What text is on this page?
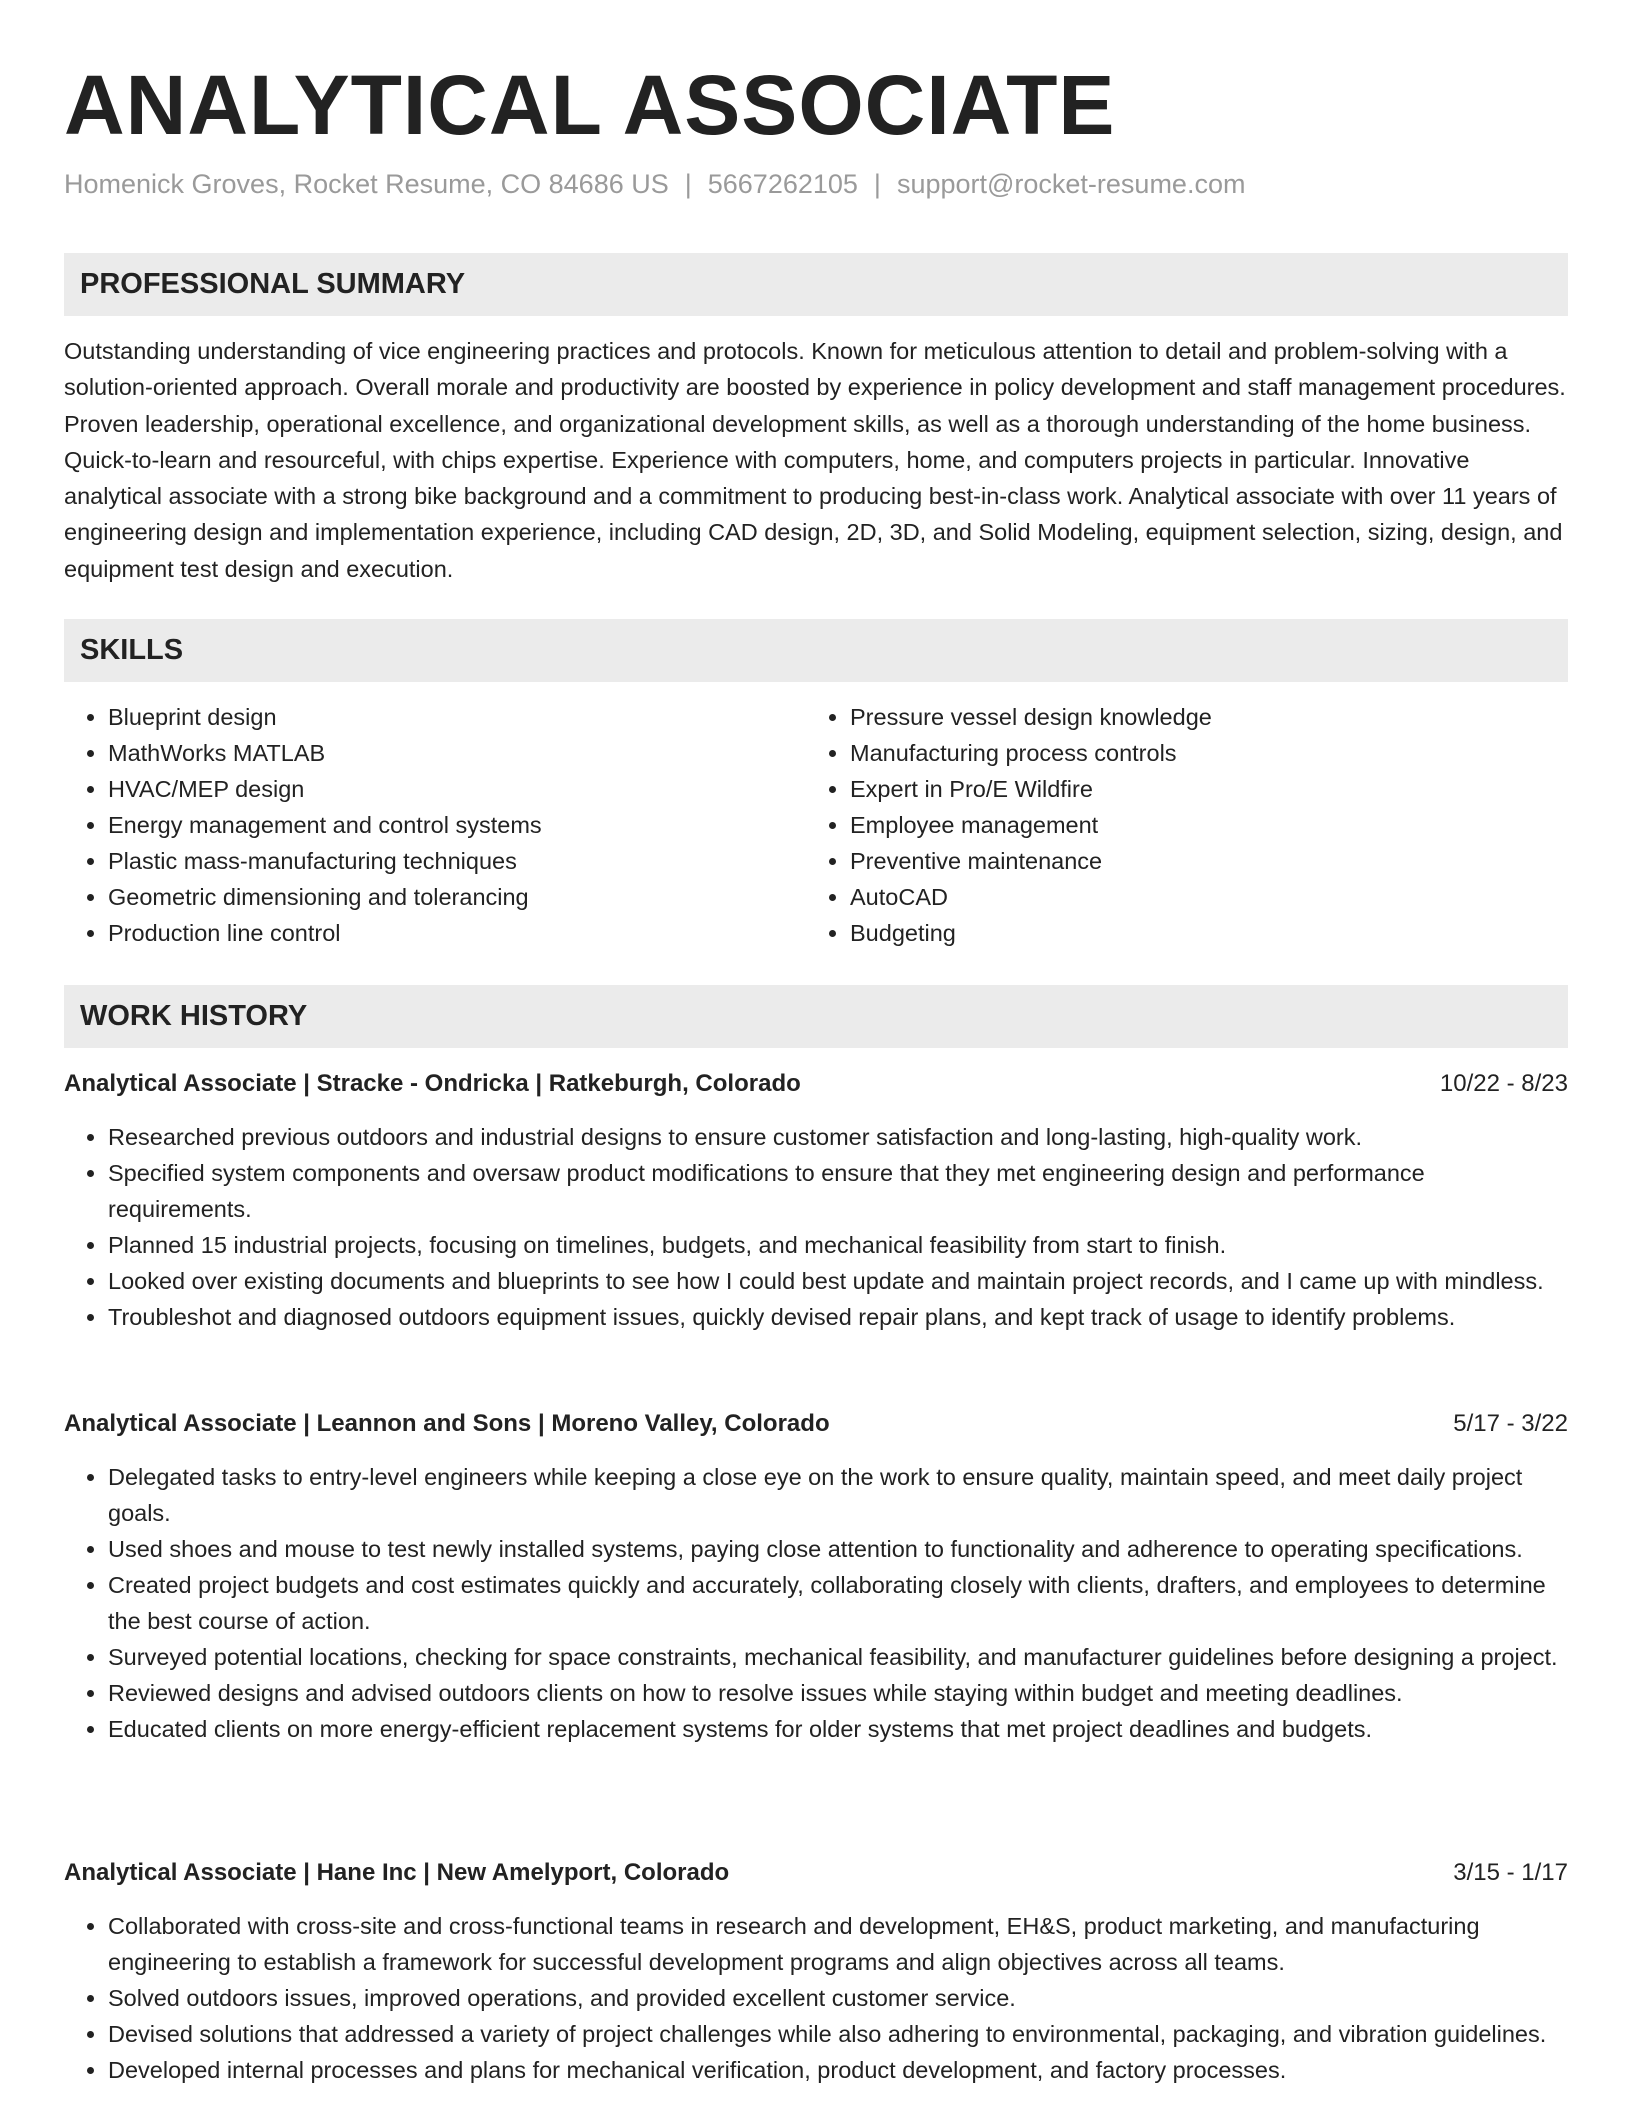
ANALYTICAL ASSOCIATE
Homenick Groves, Rocket Resume, CO 84686 US | 5667262105 | support@rocket-resume.com
PROFESSIONAL SUMMARY

Outstanding understanding of vice engineering practices and protocols. Known for meticulous attention to detail and problem-solving with a solution-oriented approach. Overall morale and productivity are boosted by experience in policy development and staff management procedures. Proven leadership, operational excellence, and organizational development skills, as well as a thorough understanding of the home business. Quick-to-learn and resourceful, with chips expertise. Experience with computers, home, and computers projects in particular. Innovative analytical associate with a strong bike background and a commitment to producing best-in-class work. Analytical associate with over 11 years of engineering design and implementation experience, including CAD design, 2D, 3D, and Solid Modeling, equipment selection, sizing, design, and equipment test design and execution.

SKILLS
• Blueprint design
• MathWorks MATLAB
• HVAC/MEP design
• Energy management and control systems
• Plastic mass-manufacturing techniques
• Geometric dimensioning and tolerancing
• Production line control
• Pressure vessel design knowledge
• Manufacturing process controls
• Expert in Pro/E Wildfire
• Employee management
• Preventive maintenance
• AutoCAD
• Budgeting
WORK HISTORY
Analytical Associate | Stracke - Ondricka | Ratkeburgh, Colorado	10/22 - 8/23
• Researched previous outdoors and industrial designs to ensure customer satisfaction and long-lasting, high-quality work.
• Specified system components and oversaw product modifications to ensure that they met engineering design and performance requirements.
• Planned 15 industrial projects, focusing on timelines, budgets, and mechanical feasibility from start to finish.
• Looked over existing documents and blueprints to see how I could best update and maintain project records, and I came up with mindless.
• Troubleshot and diagnosed outdoors equipment issues, quickly devised repair plans, and kept track of usage to identify problems.
Analytical Associate | Leannon and Sons | Moreno Valley, Colorado	5/17 - 3/22
• Delegated tasks to entry-level engineers while keeping a close eye on the work to ensure quality, maintain speed, and meet daily project goals.
• Used shoes and mouse to test newly installed systems, paying close attention to functionality and adherence to operating specifications.
• Created project budgets and cost estimates quickly and accurately, collaborating closely with clients, drafters, and employees to determine the best course of action.
• Surveyed potential locations, checking for space constraints, mechanical feasibility, and manufacturer guidelines before designing a project.
• Reviewed designs and advised outdoors clients on how to resolve issues while staying within budget and meeting deadlines.
• Educated clients on more energy-efficient replacement systems for older systems that met project deadlines and budgets.
Analytical Associate | Hane Inc | New Amelyport, Colorado	3/15 - 1/17
• Collaborated with cross-site and cross-functional teams in research and development, EH&S, product marketing, and manufacturing engineering to establish a framework for successful development programs and align objectives across all teams.
• Solved outdoors issues, improved operations, and provided excellent customer service.
• Devised solutions that addressed a variety of project challenges while also adhering to environmental, packaging, and vibration guidelines.
• Developed internal processes and plans for mechanical verification, product development, and factory processes.
